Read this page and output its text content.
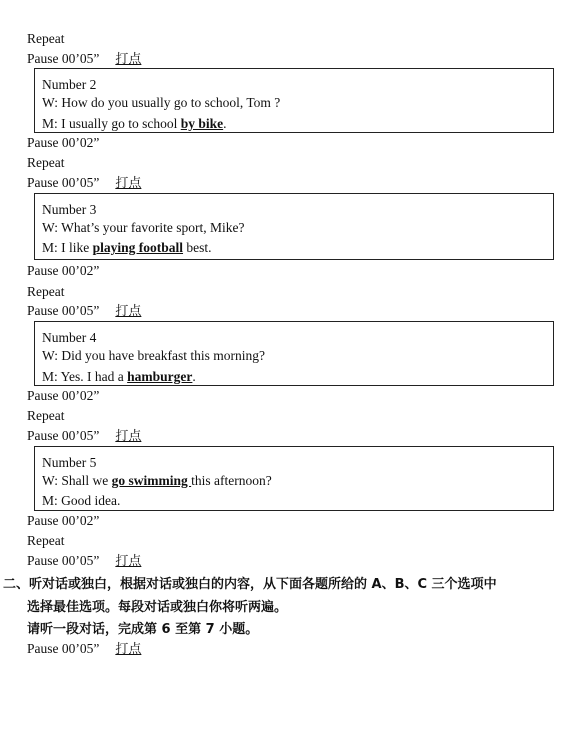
Repeat
Pause 00’05” 打点
Number 2
W: How do you usually go to school, Tom ?
M: I usually go to school by bike.
Pause 00’02”
Repeat
Pause 00’05” 打点
Number 3
W: What’s your favorite sport, Mike?
M: I like playing football best.
Pause 00’02”
Repeat
Pause 00’05” 打点
Number 4
W: Did you have breakfast this morning?
M: Yes. I had a hamburger.
Pause 00’02”
Repeat
Pause 00’05” 打点
Number 5
W: Shall we go swimming this afternoon?
M: Good idea.
Pause 00’02”
Repeat
Pause 00’05” 打点
二、听对话或独白，根据对话或独白的内容，从下面各题所给的 A、B、C 三个选项中
选择最佳选项。每段对话或独白你将听两遍。
请听一段对话，完成第 6 至第 7 小题。
Pause 00’05” 打点
